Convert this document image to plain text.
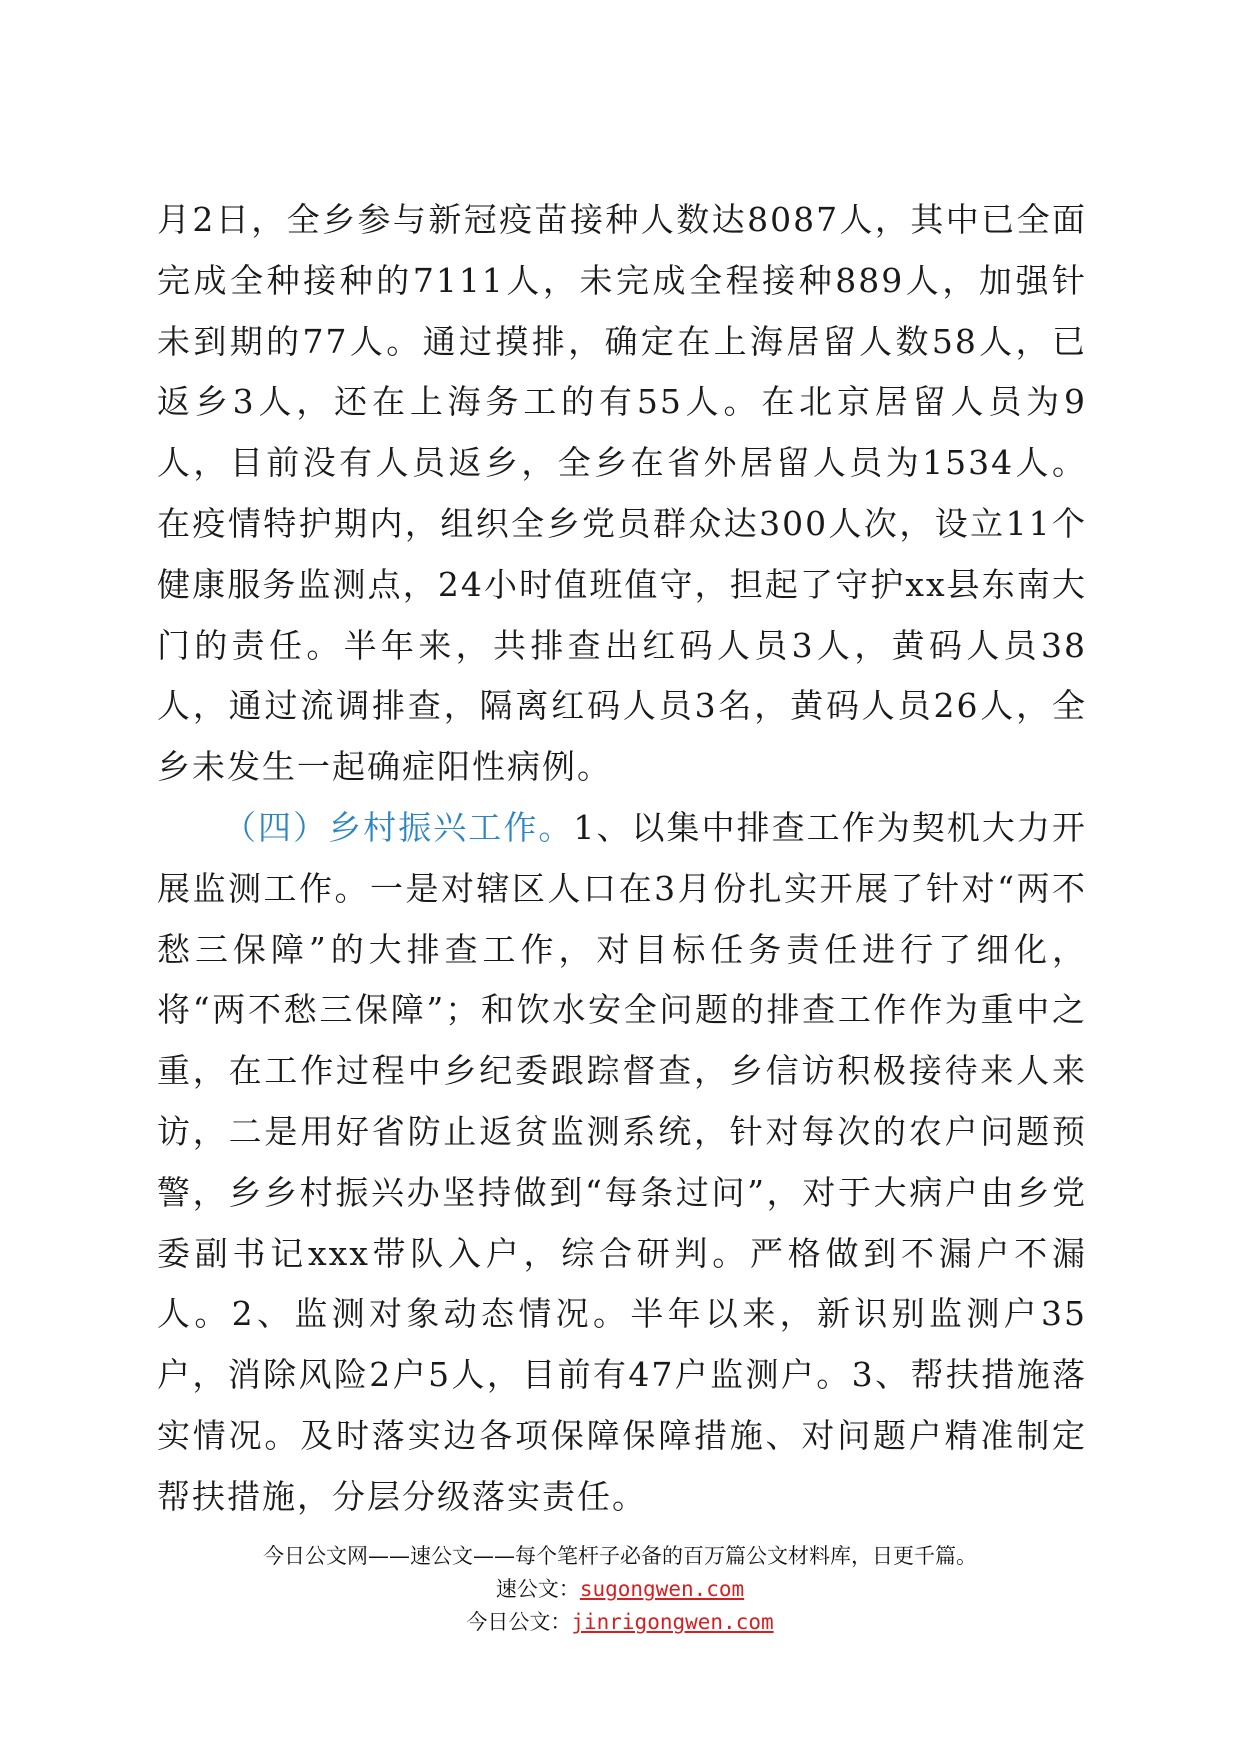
月2日，全乡参与新冠疫苗接种人数达8087人，其中已全面完成全种接种的7111人，未完成全程接种889人，加强针未到期的77人。通过摸排，确定在上海居留人数58人，已返乡3人，还在上海务工的有55人。在北京居留人员为9人，目前没有人员返乡，全乡在省外居留人员为1534人。在疫情特护期内，组织全乡党员群众达300人次，设立11个健康服务监测点，24小时值班值守，担起了守护xx县东南大门的责任。半年来，共排查出红码人员3人，黄码人员38人，通过流调排查，隔离红码人员3名，黄码人员26人，全乡未发生一起确症阳性病例。

（四）乡村振兴工作。1、以集中排查工作为契机大力开展监测工作。一是对辖区人口在3月份扎实开展了针对“两不愁三保障”的大排查工作，对目标任务责任进行了细化，将“两不愁三保障”；和饮水安全问题的排查工作作为重中之重，在工作过程中乡纪委跟踪督查，乡信访积极接待来人来访，二是用好省防止返贫监测系统，针对每次的农户问题预警，乡乡村振兴办坚持做到“每条过问”，对于大病户由乡党委副书记xxx带队入户，综合研判。严格做到不漏户不漏人。2、监测对象动态情况。半年以来，新识别监测户35户，消除风险2户5人，目前有47户监测户。3、帮扶措施落实情况。及时落实边各项保障保障措施、对问题户精准制定帮扶措施，分层分级落实责任。

今日公文网——速公文——每个笔杆子必备的百万篇公文材料库，日更千篇。
速公文：sugongwen.com
今日公文：jinrigongwen.com
